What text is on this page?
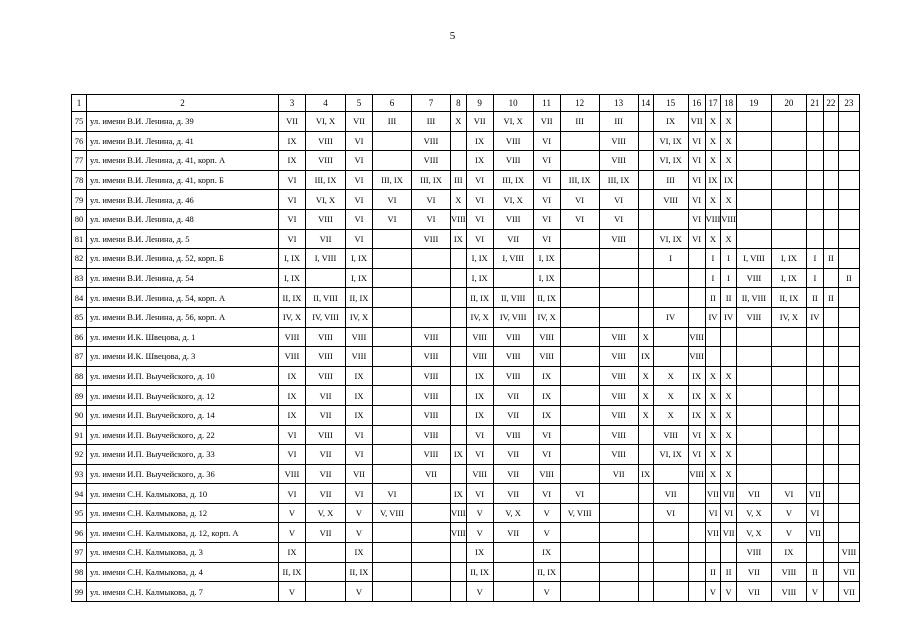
5
1	2	3	4	5	6	7	8	9	10	11	12	13	14	15	16	17	18	19	20	21	22	23
75	ул. имени В.И. Ленина, д. 39	VII	VI, X	VII	III	III	X	VII	VI, X	VII	III	III		IX	VII	X	X					
76	ул. имени В.И. Ленина, д. 41	IX	VIII	VI		VIII		IX	VIII	VI		VIII		VI, IX	VI	X	X					
77	ул. имени В.И. Ленина, д. 41, корп. А	IX	VIII	VI		VIII		IX	VIII	VI		VIII		VI, IX	VI	X	X					
78	ул. имени В.И. Ленина, д. 41, корп. Б	VI	III, IX	VI	III, IX	III, IX	III	VI	III, IX	VI	III, IX	III, IX		III	VI	IX	IX					
79	ул. имени В.И. Ленина, д. 46	VI	VI, X	VI	VI	VI	X	VI	VI, X	VI	VI	VI		VIII	VI	X	X					
80	ул. имени В.И. Ленина, д. 48	VI	VIII	VI	VI	VI	VIII	VI	VIII	VI	VI	VI			VI	VIII	VIII					
81	ул. имени В.И. Ленина, д. 5	VI	VII	VI		VIII	IX	VI	VII	VI		VIII		VI, IX	VI	X	X					
82	ул. имени В.И. Ленина, д. 52, корп. Б	I, IX	I, VIII	I, IX				I, IX	I, VIII	I, IX				I		I	I	I, VIII	I, IX	I	II	
83	ул. имени В.И. Ленина, д. 54	I, IX		I, IX				I, IX		I, IX						I	I	VIII	I, IX	I		II
84	ул. имени В.И. Ленина, д. 54, корп. А	II, IX	II, VIII	II, IX				II, IX	II, VIII	II, IX						II	II	II, VIII	II, IX	II	II	
85	ул. имени В.И. Ленина, д. 56, корп. А	IV, X	IV, VIII	IV, X				IV, X	IV, VIII	IV, X				IV		IV	IV	VIII	IV, X	IV		
86	ул. имени И.К. Швецова, д. 1	VIII	VIII	VIII		VIII		VIII	VIII	VIII		VIII	X		VIII							
87	ул. имени И.К. Швецова, д. 3	VIII	VIII	VIII		VIII		VIII	VIII	VIII		VIII	IX		VIII							
88	ул. имени И.П. Выучейского, д. 10	IX	VIII	IX		VIII		IX	VIII	IX		VIII	X	X	IX	X	X					
89	ул. имени И.П. Выучейского, д. 12	IX	VII	IX		VIII		IX	VII	IX		VIII	X	X	IX	X	X					
90	ул. имени И.П. Выучейского, д. 14	IX	VII	IX		VIII		IX	VII	IX		VIII	X	X	IX	X	X					
91	ул. имени И.П. Выучейского, д. 22	VI	VIII	VI		VIII		VI	VIII	VI		VIII		VIII	VI	X	X					
92	ул. имени И.П. Выучейского, д. 33	VI	VII	VI		VIII	IX	VI	VII	VI		VIII		VI, IX	VI	X	X					
93	ул. имени И.П. Выучейского, д. 36	VIII	VII	VII		VII		VIII	VII	VIII		VII	IX		VIII	X	X					
94	ул. имени С.Н. Калмыкова, д. 10	VI	VII	VI	VI		IX	VI	VII	VI	VI			VII		VII	VII	VII	VI	VII		
95	ул. имени С.Н. Калмыкова, д. 12	V	V, X	V	V, VIII		VIII	V	V, X	V	V, VIII			VI		VI	VI	V, X	V	VI		
96	ул. имени С.Н. Калмыкова, д. 12, корп. А	V	VII	V			VIII	V	VII	V						VII	VII	V, X	V	VII		
97	ул. имени С.Н. Калмыкова, д. 3	IX		IX				IX		IX								VIII	IX			VIII
98	ул. имени С.Н. Калмыкова, д. 4	II, IX		II, IX				II, IX		II, IX						II	II	VII	VIII	II		VII
99	ул. имени С.Н. Калмыкова, д. 7	V		V				V		V						V	V	VII	VIII	V		VII
